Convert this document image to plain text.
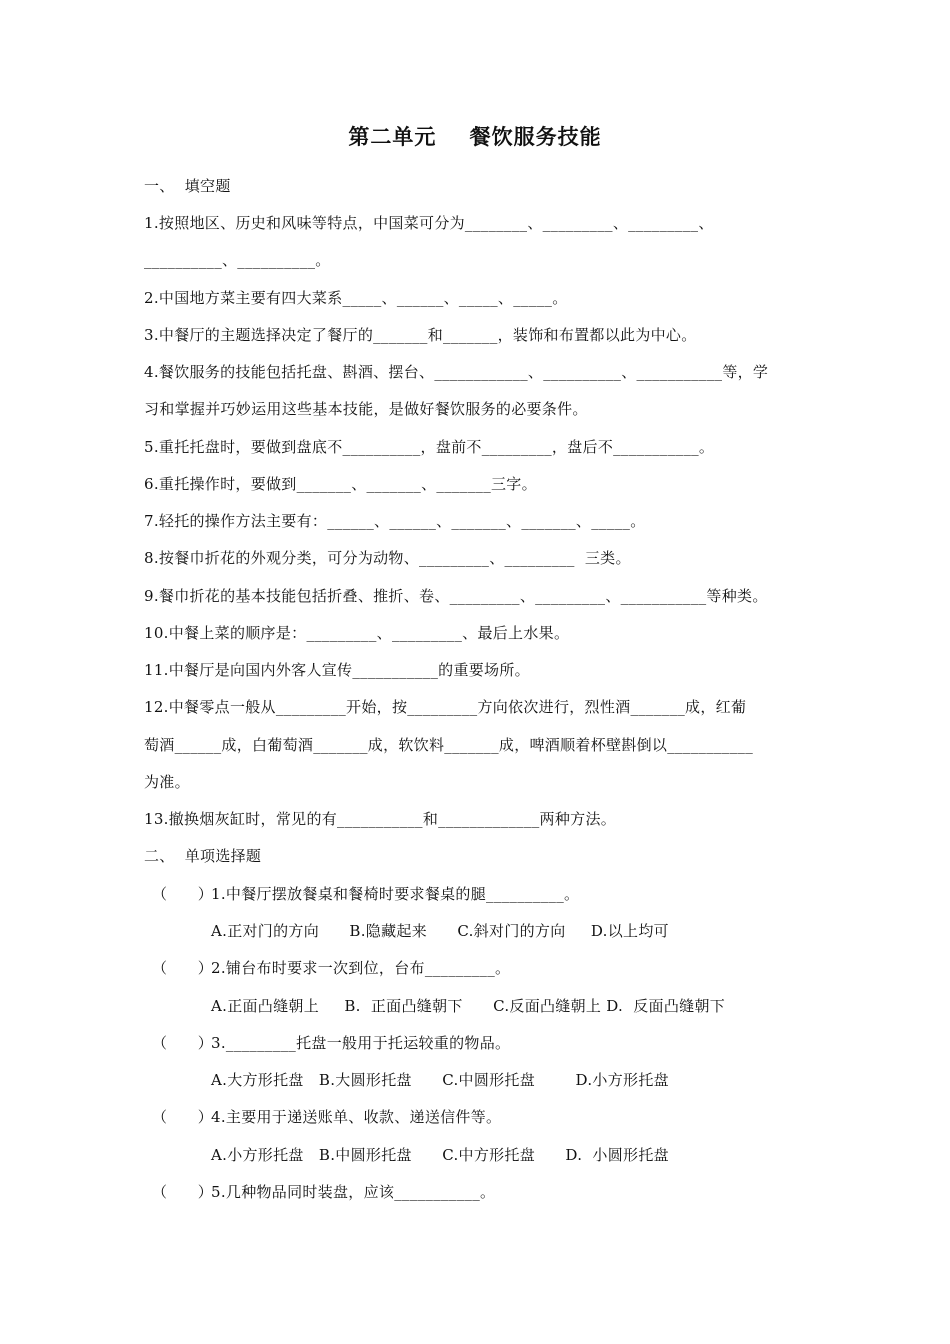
第二单元    餐饮服务技能
一、  填空题
1.按照地区、历史和风味等特点，中国菜可分为________、_________、_________、
__________、__________。
2.中国地方菜主要有四大菜系_____、______、_____、_____。
3.中餐厅的主题选择决定了餐厅的_______和_______，装饰和布置都以此为中心。
4.餐饮服务的技能包括托盘、斟酒、摆台、____________、__________、___________等，学
习和掌握并巧妙运用这些基本技能，是做好餐饮服务的必要条件。
5.重托托盘时，要做到盘底不__________，盘前不_________，盘后不___________。
6.重托操作时，要做到_______、_______、_______三字。
7.轻托的操作方法主要有：______、______、_______、_______、_____。
8.按餐巾折花的外观分类，可分为动物、_________、_________  三类。
9.餐巾折花的基本技能包括折叠、推折、卷、_________、_________、___________等种类。
10.中餐上菜的顺序是：_________、_________、最后上水果。
11.中餐厅是向国内外客人宣传___________的重要场所。
12.中餐零点一般从_________开始，按_________方向依次进行，烈性酒_______成，红葡
萄酒______成，白葡萄酒_______成，软饮料_______成，啤酒顺着杯壁斟倒以___________
为准。
13.撤换烟灰缸时，常见的有___________和_____________两种方法。
二、  单项选择题
（      ）
1.中餐厅摆放餐桌和餐椅时要求餐桌的腿__________。
A.正对门的方向      B.隐藏起来      C.斜对门的方向     D.以上均可
（      ）
2.铺台布时要求一次到位，台布_________。
A.正面凸缝朝上     B.  正面凸缝朝下      C.反面凸缝朝上 D.  反面凸缝朝下
（      ）
3._________托盘一般用于托运较重的物品。
A.大方形托盘   B.大圆形托盘      C.中圆形托盘        D.小方形托盘
（      ）
4.主要用于递送账单、收款、递送信件等。
A.小方形托盘   B.中圆形托盘      C.中方形托盘      D.  小圆形托盘
（      ）
5.几种物品同时装盘，应该___________。
